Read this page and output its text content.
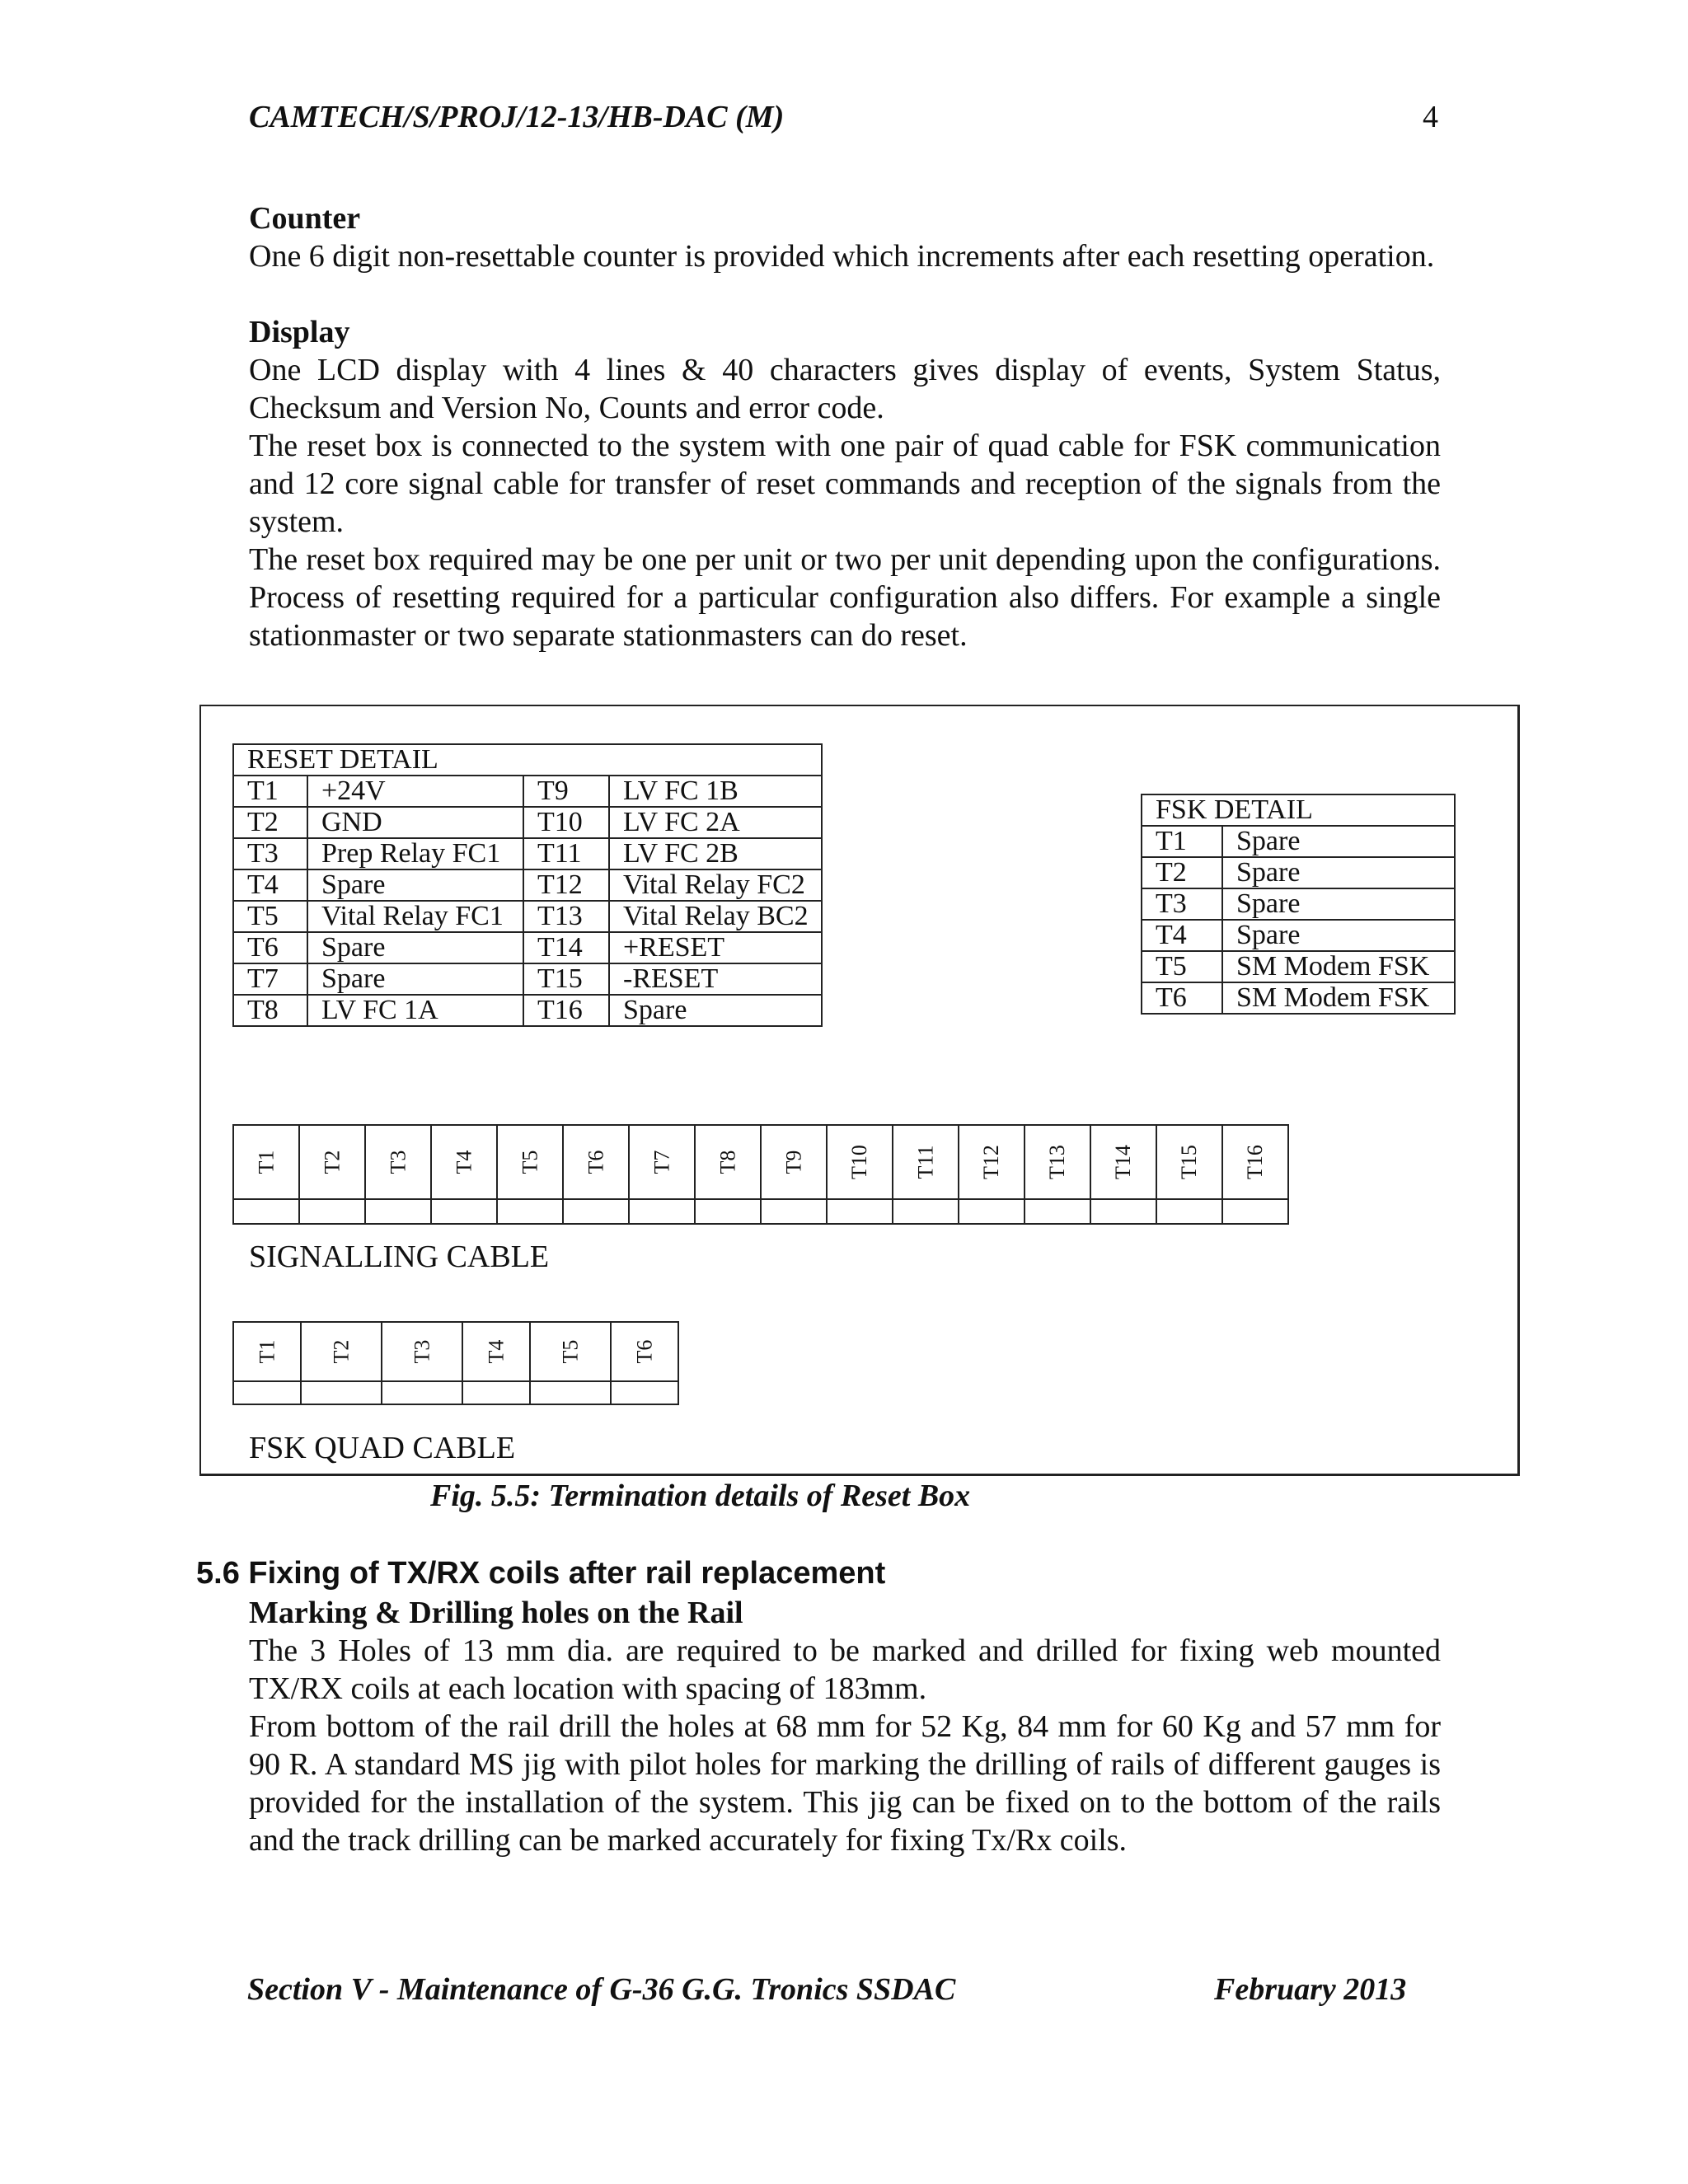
CAMTECH/S/PROJ/12-13/HB-DAC (M)	4

Counter

One 6 digit non-resettable counter is provided which increments after each resetting operation.

Display

One LCD display with 4 lines & 40 characters gives display of events, System Status, Checksum and Version No, Counts and error code.

The reset box is connected to the system with one pair of quad cable for FSK communication and 12 core signal cable for transfer of reset commands and reception of the signals from the system.

The reset box required may be one per unit or two per unit depending upon the configurations. Process of resetting required for a particular configuration also differs. For example a single stationmaster or two separate stationmasters can do reset.

RESET DETAIL			
T1	+24V	T9	LV FC 1B
T2	GND	T10	LV FC 2A
T3	Prep Relay FC1	T11	LV FC 2B
T4	Spare	T12	Vital Relay FC2
T5	Vital Relay FC1	T13	Vital Relay BC2
T6	Spare	T14	+RESET
T7	Spare	T15	-RESET
T8	LV FC 1A	T16	Spare
FSK DETAIL	
T1	Spare
T2	Spare
T3	Spare
T4	Spare
T5	SM Modem FSK
T6	SM Modem FSK
T1	T2	T3	T4	T5	T6	T7	T8	T9	T10	T11	T12	T13	T14	T15	T16

SIGNALLING CABLE
T1	T2	T3	T4	T5	T6

FSK QUAD CABLE
Fig. 5.5: Termination details of Reset Box
5.6 Fixing of TX/RX coils after rail replacement

Marking & Drilling holes on the Rail

The 3 Holes of 13 mm dia. are required to be marked and drilled for fixing web mounted TX/RX coils at each location with spacing of 183mm.

From bottom of the rail drill the holes at 68 mm for 52 Kg, 84 mm for 60 Kg and 57 mm for 90 R. A standard MS jig with pilot holes for marking the drilling of rails of different gauges is provided for the installation of the system. This jig can be fixed on to the bottom of the rails and the track drilling can be marked accurately for fixing Tx/Rx coils.

Section V - Maintenance of G-36 G.G. Tronics SSDAC	February 2013
